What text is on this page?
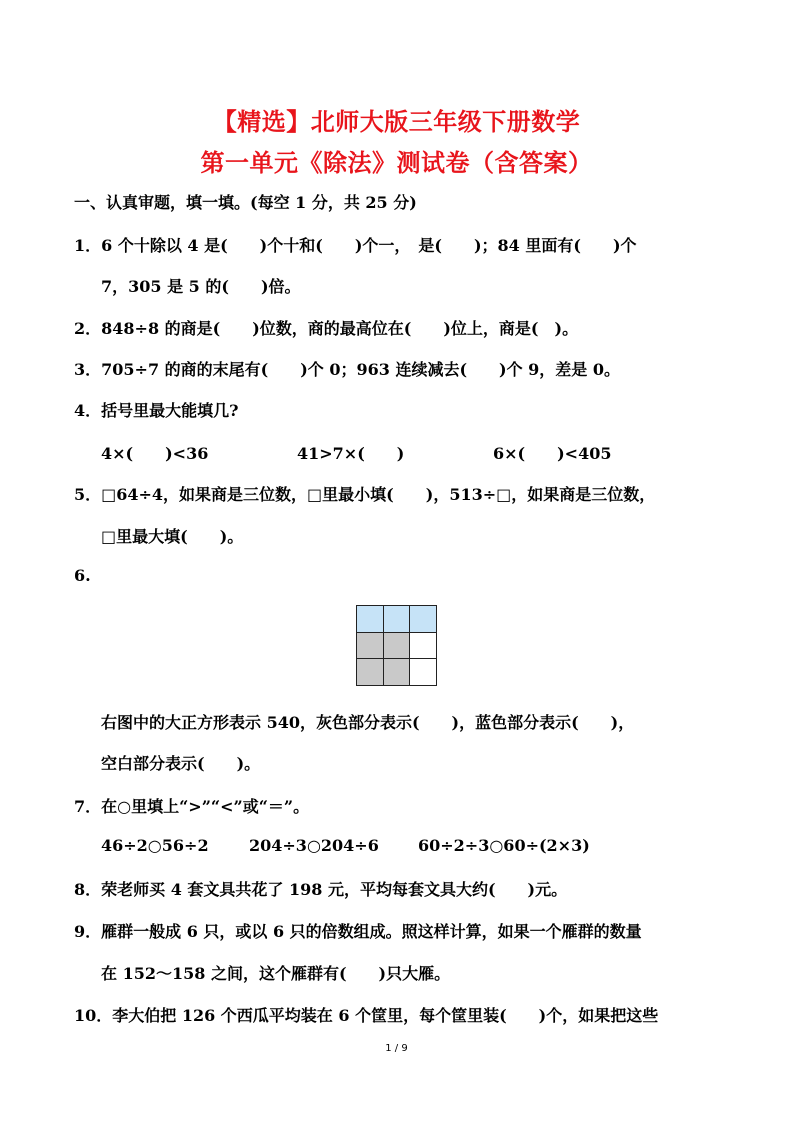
【精选】北师大版三年级下册数学
第一单元《除法》测试卷（含答案）
一、认真审题，填一填。(每空 1 分，共 25 分)
1．6 个十除以 4 是(　　)个十和(　　)个一，　是(　　)；84 里面有(　　)个
7，305 是 5 的(　　)倍。
2．848÷8 的商是(　　)位数，商的最高位在(　　)位上，商是(　)。
3．705÷7 的商的末尾有(　　)个 0；963 连续减去(　　)个 9，差是 0。
4．括号里最大能填几?
4×(　　)<36	41>7×(　　)	6×(　　)<405
5．□64÷4，如果商是三位数，□里最小填(　　)，513÷□，如果商是三位数，
□里最大填(　　)。
6.

右图中的大正方形表示 540，灰色部分表示(　　)，蓝色部分表示(　　)，
空白部分表示(　　)。
7．在○里填上“>”“<”或“＝”。
46÷2○56÷2	204÷3○204÷6 60÷2÷3○60÷(2×3)
8．荣老师买 4 套文具共花了 198 元，平均每套文具大约(　　)元。
9．雁群一般成 6 只，或以 6 只的倍数组成。照这样计算，如果一个雁群的数量
在 152～158 之间，这个雁群有(　　)只大雁。
10．李大伯把 126 个西瓜平均装在 6 个筐里，每个筐里装(　　)个，如果把这些
1 / 9
